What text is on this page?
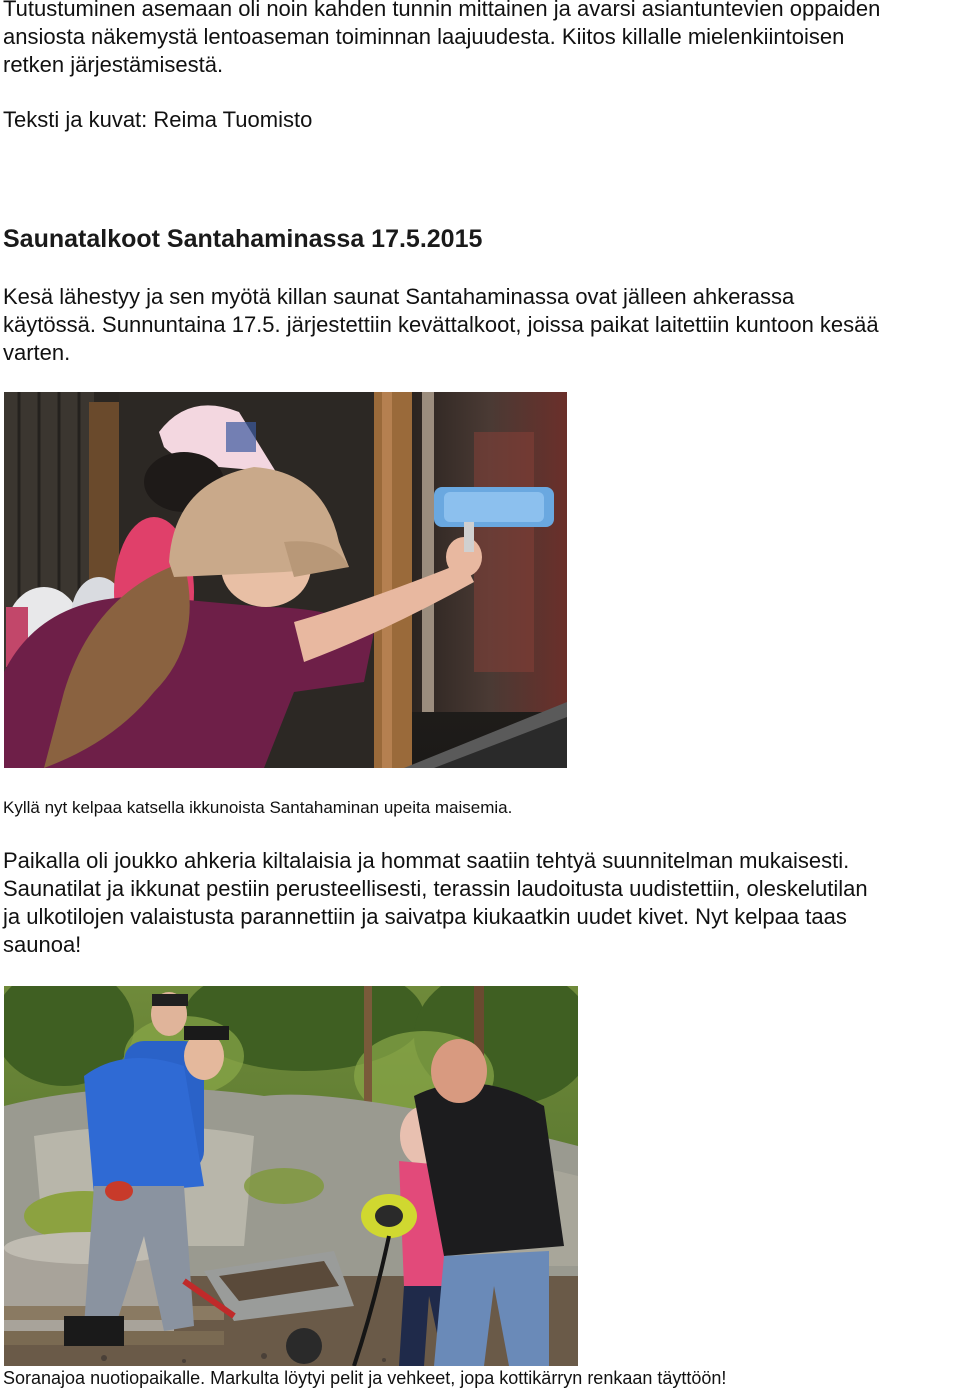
Tutustuminen asemaan oli noin kahden tunnin mittainen ja avarsi asiantuntevien oppaiden
ansiosta näkemystä lentoaseman toiminnan laajuudesta. Kiitos killalle mielenkiintoisen
retken järjestämisestä.

Teksti ja kuvat: Reima Tuomisto

Saunatalkoot Santahaminassa 17.5.2015

Kesä lähestyy ja sen myötä killan saunat Santahaminassa ovat jälleen ahkerassa
käytössä. Sunnuntaina 17.5. järjestettiin kevättalkoot, joissa paikat laitettiin kuntoon kesää
varten.

Kyllä nyt kelpaa katsella ikkunoista Santahaminan upeita maisemia.

Paikalla oli joukko ahkeria kiltalaisia ja hommat saatiin tehtyä suunnitelman mukaisesti.
Saunatilat ja ikkunat pestiin perusteellisesti, terassin laudoitusta uudistettiin, oleskelutilan
ja ulkotilojen valaistusta parannettiin ja saivatpa kiukaatkin uudet kivet. Nyt kelpaa taas
saunoa!

Soranajoa nuotiopaikalle. Markulta löytyi pelit ja vehkeet, jopa kottikärryn renkaan täyttöön!
